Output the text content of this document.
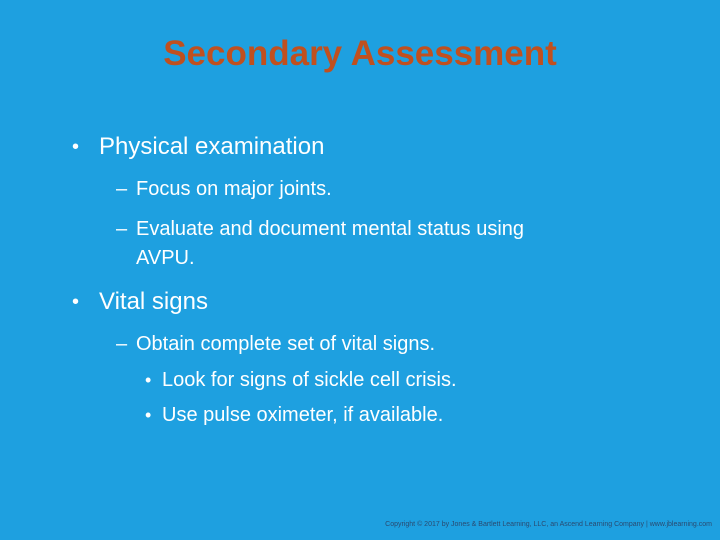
Secondary Assessment
• Physical examination
– Focus on major joints.
– Evaluate and document mental status using
AVPU.
• Vital signs
– Obtain complete set of vital signs.
• Look for signs of sickle cell crisis.
• Use pulse oximeter, if available.
Copyright © 2017 by Jones & Bartlett Learning, LLC, an Ascend Learning Company | www.jblearning.com
